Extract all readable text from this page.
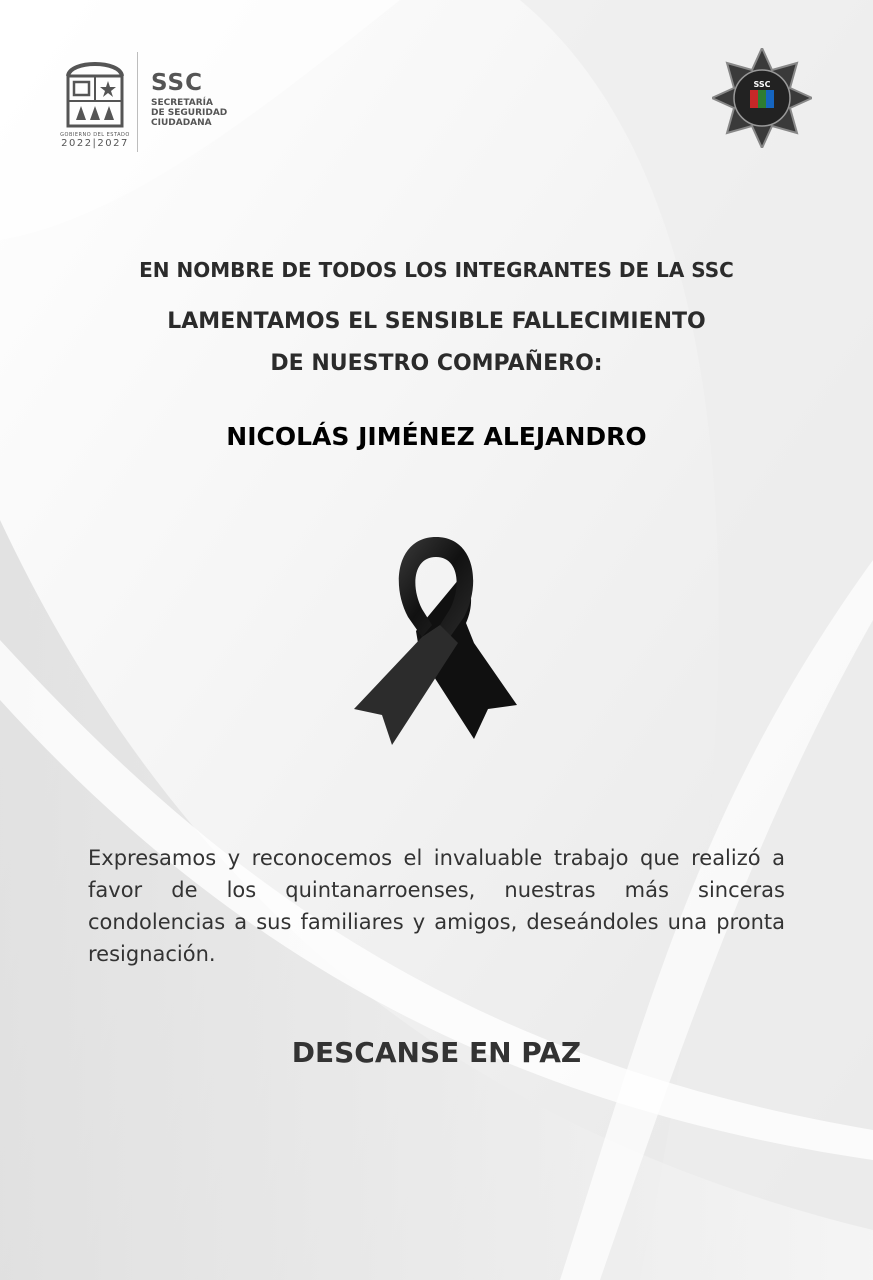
GOBIERNO DEL ESTADO
2022|2027
SSC
SECRETARÍA
DE SEGURIDAD
CIUDADANA
SSC
EN NOMBRE DE TODOS LOS INTEGRANTES DE LA SSC
LAMENTAMOS EL SENSIBLE FALLECIMIENTO
DE NUESTRO COMPAÑERO:
NICOLÁS JIMÉNEZ ALEJANDRO
Expresamos y reconocemos el invaluable trabajo que realizó a favor de los quintanarroenses, nuestras más sinceras condolencias a sus familiares y amigos, deseándoles una pronta resignación.
DESCANSE EN PAZ
